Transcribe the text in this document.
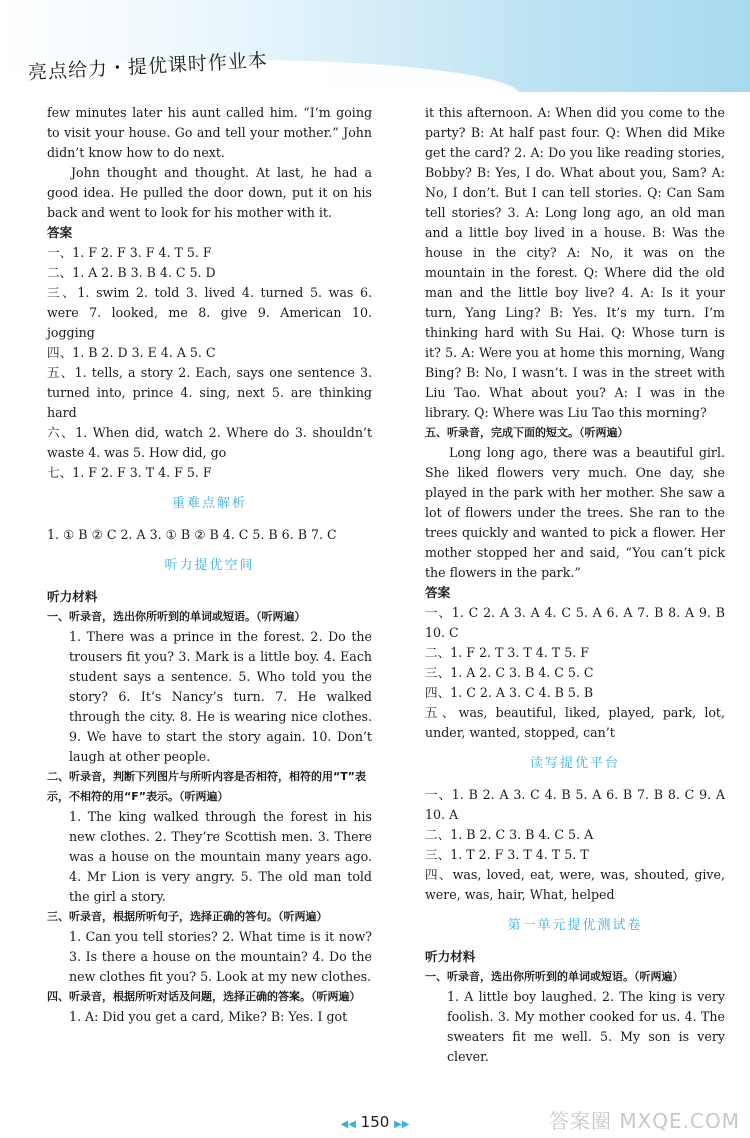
亮点给力・提优课时作业本

few minutes later his aunt called him. “I’m going to visit your house. Go and tell your mother.” John didn’t know how to do next.

John thought and thought. At last, he had a good idea. He pulled the door down, put it on his back and went to look for his mother with it.

答案

一、1. F 2. F 3. F 4. T 5. F

二、1. A 2. B 3. B 4. C 5. D

三、1. swim 2. told 3. lived 4. turned 5. was 6. were 7. looked, me 8. give 9. American 10. jogging

四、1. B 2. D 3. E 4. A 5. C

五、1. tells, a story 2. Each, says one sentence 3. turned into, prince 4. sing, next 5. are thinking hard

六、1. When did, watch 2. Where do 3. shouldn’t waste 4. was 5. How did, go

七、1. F 2. F 3. T 4. F 5. F

重难点解析

1. ① B ② C 2. A 3. ① B ② B 4. C 5. B 6. B 7. C

听力提优空间
听力材料
一、听录音，选出你所听到的单词或短语。（听两遍）

1. There was a prince in the forest. 2. Do the trousers fit you? 3. Mark is a little boy. 4. Each student says a sentence. 5. Who told you the story? 6. It’s Nancy’s turn. 7. He walked through the city. 8. He is wearing nice clothes. 9. We have to start the story again. 10. Don’t laugh at other people.

二、听录音，判断下列图片与所听内容是否相符，相符的用“T”表示，不相符的用“F”表示。（听两遍）

1. The king walked through the forest in his new clothes. 2. They’re Scottish men. 3. There was a house on the mountain many years ago. 4. Mr Lion is very angry. 5. The old man told the girl a story.

三、听录音，根据所听句子，选择正确的答句。（听两遍）

1. Can you tell stories? 2. What time is it now? 3. Is there a house on the mountain? 4. Do the new clothes fit you? 5. Look at my new clothes.

四、听录音，根据所听对话及问题，选择正确的答案。（听两遍）

1. A: Did you get a card, Mike? B: Yes. I got

it this afternoon. A: When did you come to the party? B: At half past four. Q: When did Mike get the card? 2. A: Do you like reading stories, Bobby? B: Yes, I do. What about you, Sam? A: No, I don’t. But I can tell stories. Q: Can Sam tell stories? 3. A: Long long ago, an old man and a little boy lived in a house. B: Was the house in the city? A: No, it was on the mountain in the forest. Q: Where did the old man and the little boy live? 4. A: Is it your turn, Yang Ling? B: Yes. It’s my turn. I’m thinking hard with Su Hai. Q: Whose turn is it? 5. A: Were you at home this morning, Wang Bing? B: No, I wasn’t. I was in the street with Liu Tao. What about you? A: I was in the library. Q: Where was Liu Tao this morning?

五、听录音，完成下面的短文。（听两遍）

Long long ago, there was a beautiful girl. She liked flowers very much. One day, she played in the park with her mother. She saw a lot of flowers under the trees. She ran to the trees quickly and wanted to pick a flower. Her mother stopped her and said, “You can’t pick the flowers in the park.”

答案

一、1. C 2. A 3. A 4. C 5. A 6. A 7. B 8. A 9. B 10. C

二、1. F 2. T 3. T 4. T 5. F

三、1. A 2. C 3. B 4. C 5. C

四、1. C 2. A 3. C 4. B 5. B

五、was, beautiful, liked, played, park, lot, under, wanted, stopped, can’t

读写提优平台

一、1. B 2. A 3. C 4. B 5. A 6. B 7. B 8. C 9. A 10. A

二、1. B 2. C 3. B 4. C 5. A

三、1. T 2. F 3. T 4. T 5. T

四、was, loved, eat, were, was, shouted, give, were, was, hair, What, helped

第一单元提优测试卷
听力材料
一、听录音，选出你所听到的单词或短语。（听两遍）

1. A little boy laughed. 2. The king is very foolish. 3. My mother cooked for us. 4. The sweaters fit me well. 5. My son is very clever.

◀◀ 150 ▶▶	答案圈 MXQE.COM
